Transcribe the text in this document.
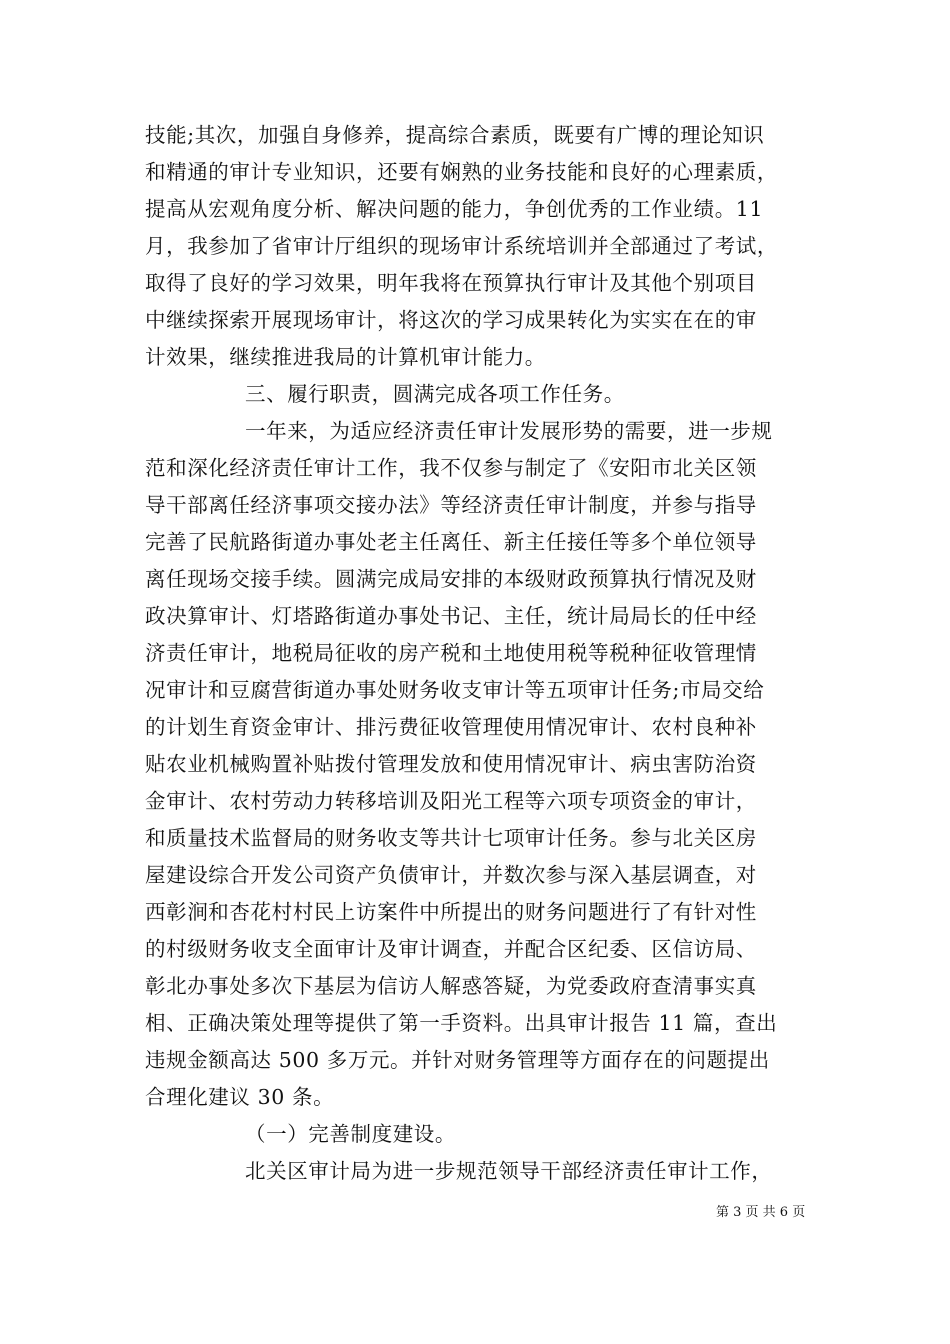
技能;其次，加强自身修养，提高综合素质，既要有广博的理论知识
和精通的审计专业知识，还要有娴熟的业务技能和良好的心理素质，
提高从宏观角度分析、解决问题的能力，争创优秀的工作业绩。11
月，我参加了省审计厅组织的现场审计系统培训并全部通过了考试，
取得了良好的学习效果，明年我将在预算执行审计及其他个别项目
中继续探索开展现场审计，将这次的学习成果转化为实实在在的审
计效果，继续推进我局的计算机审计能力。
三、履行职责，圆满完成各项工作任务。
一年来，为适应经济责任审计发展形势的需要，进一步规
范和深化经济责任审计工作，我不仅参与制定了《安阳市北关区领
导干部离任经济事项交接办法》等经济责任审计制度，并参与指导
完善了民航路街道办事处老主任离任、新主任接任等多个单位领导
离任现场交接手续。圆满完成局安排的本级财政预算执行情况及财
政决算审计、灯塔路街道办事处书记、主任，统计局局长的任中经
济责任审计，地税局征收的房产税和土地使用税等税种征收管理情
况审计和豆腐营街道办事处财务收支审计等五项审计任务;市局交给
的计划生育资金审计、排污费征收管理使用情况审计、农村良种补
贴农业机械购置补贴拨付管理发放和使用情况审计、病虫害防治资
金审计、农村劳动力转移培训及阳光工程等六项专项资金的审计，
和质量技术监督局的财务收支等共计七项审计任务。参与北关区房
屋建设综合开发公司资产负债审计，并数次参与深入基层调查，对
西彰涧和杏花村村民上访案件中所提出的财务问题进行了有针对性
的村级财务收支全面审计及审计调查，并配合区纪委、区信访局、
彰北办事处多次下基层为信访人解惑答疑，为党委政府查清事实真
相、正确决策处理等提供了第一手资料。出具审计报告 11 篇，查出
违规金额高达 500 多万元。并针对财务管理等方面存在的问题提出
合理化建议 30 条。
（一）完善制度建设。
北关区审计局为进一步规范领导干部经济责任审计工作，
第 3 页 共 6 页
